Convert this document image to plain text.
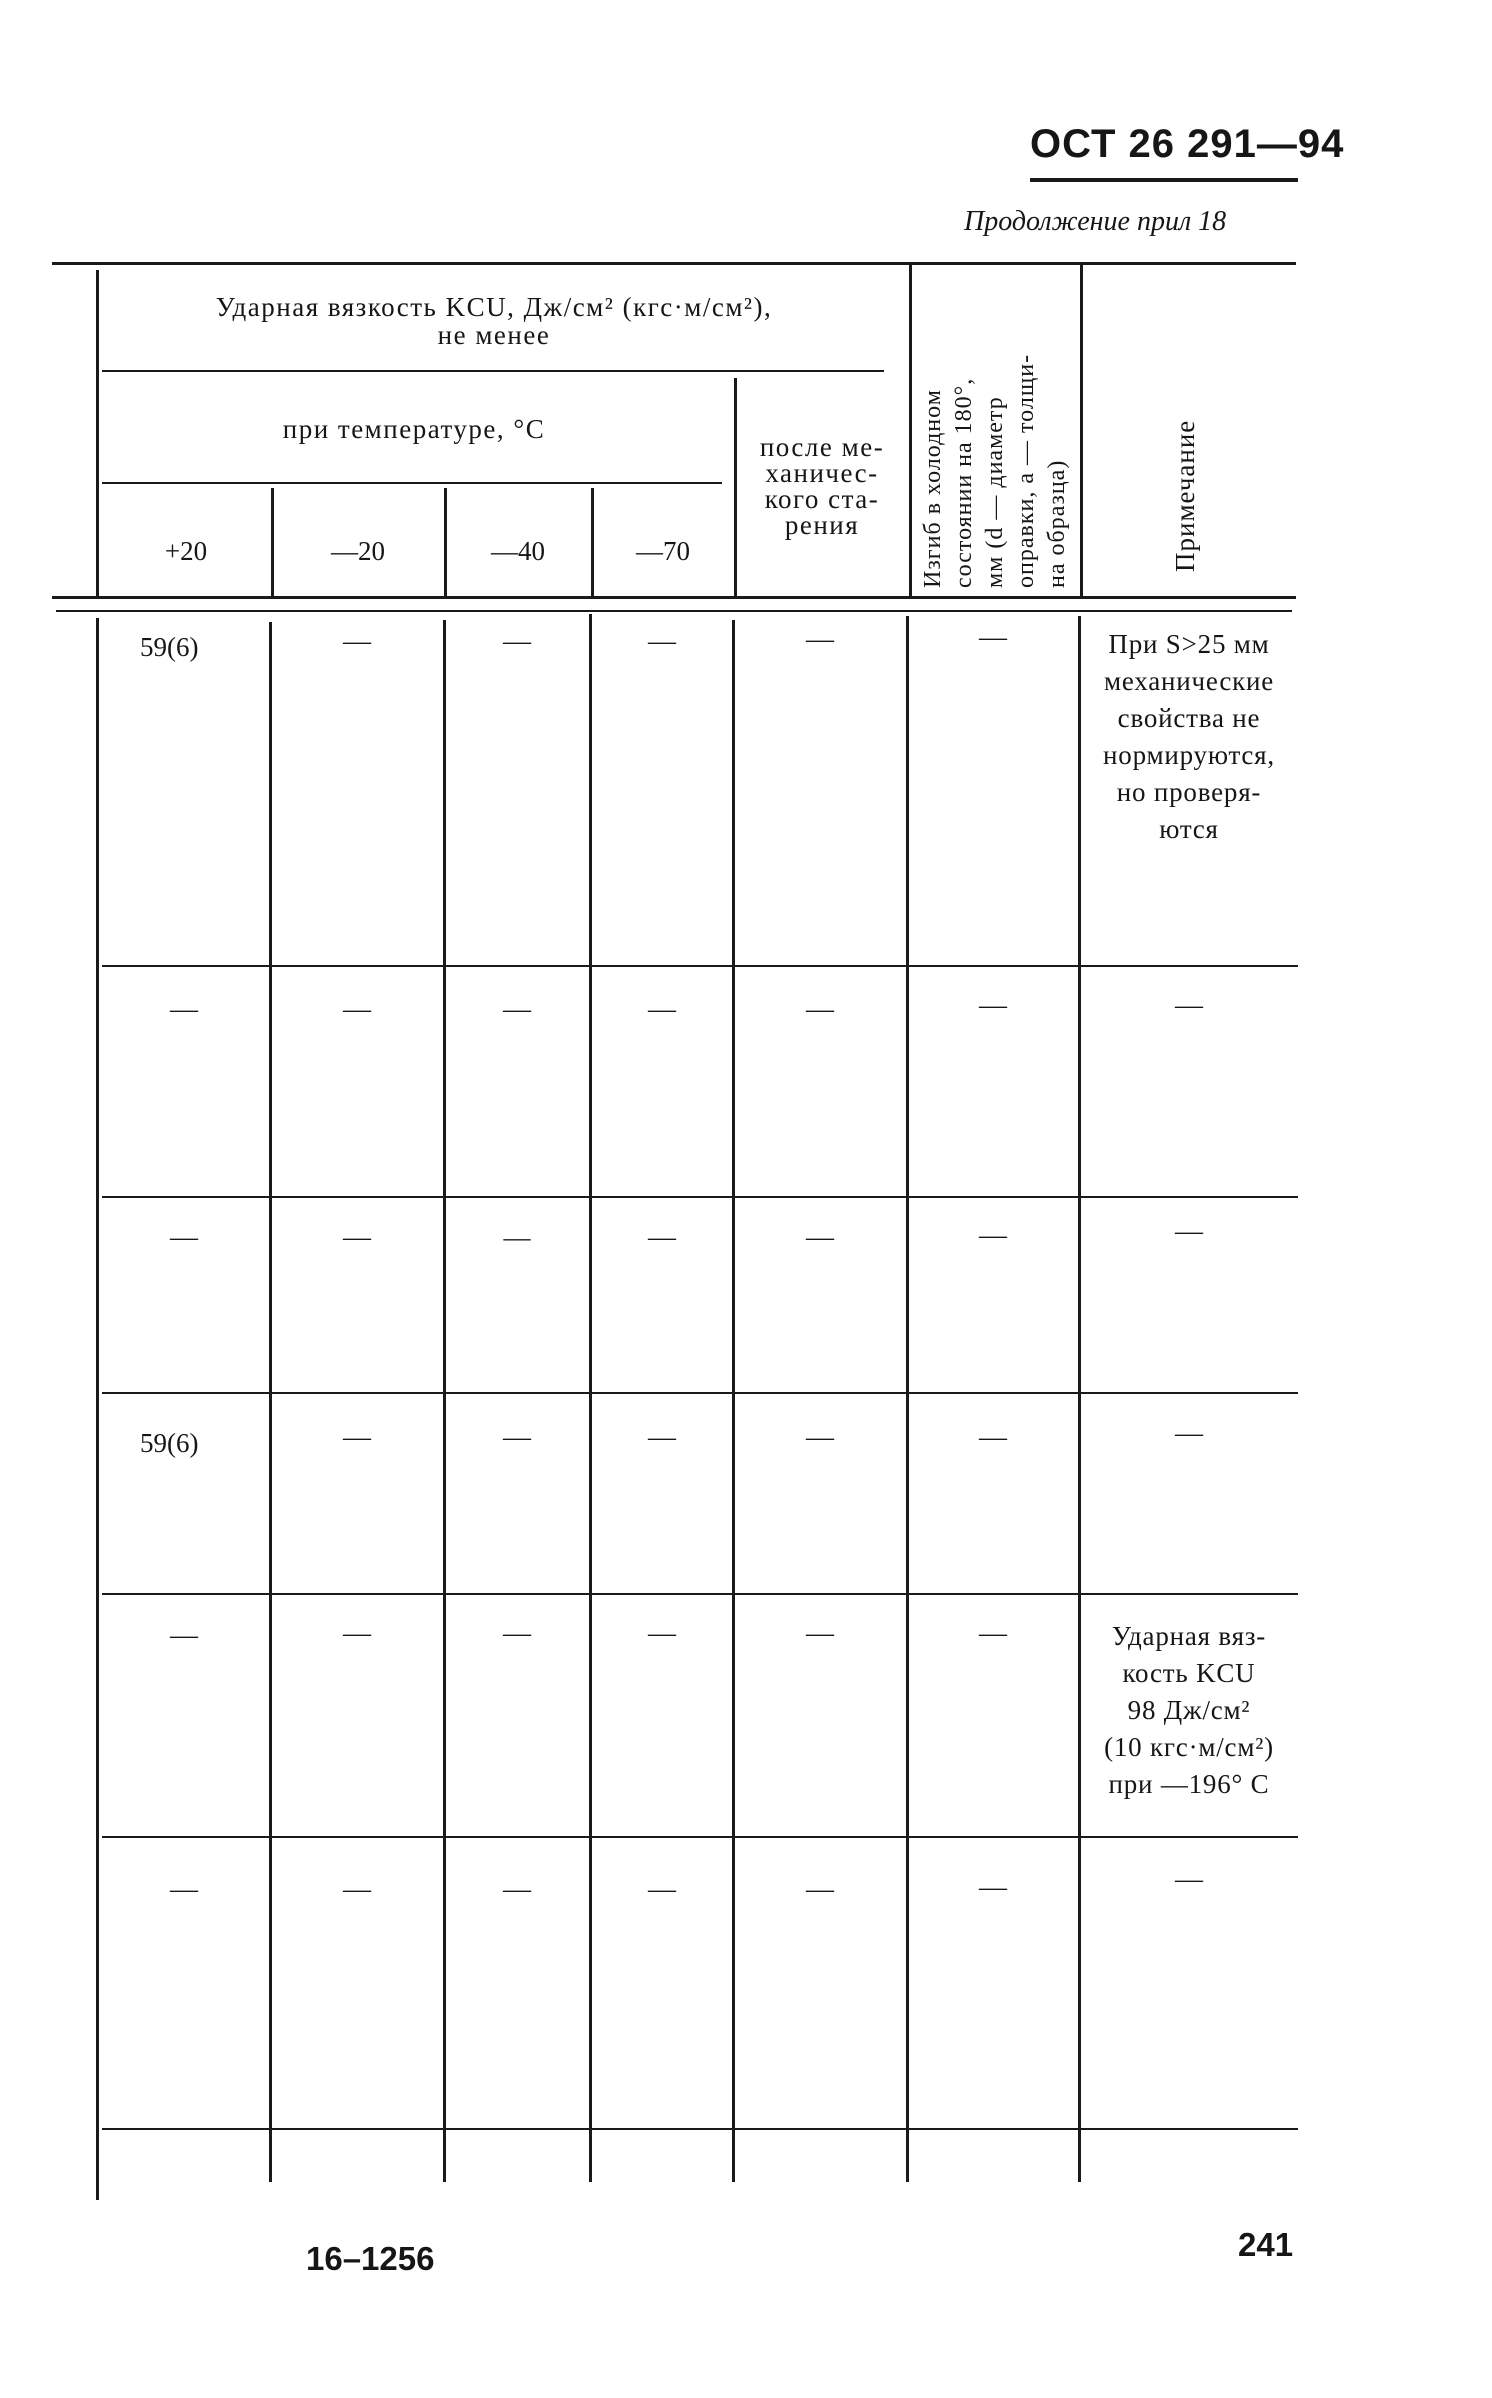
ОСТ 26 291—94
Продолжение прил 18
Ударная вязкость KCU, Дж/см² (кгс·м/см²),
не менее
при температуре, °С
+20	—20	—40	—70
после ме-
ханичес-
кого ста-
рения	Изгиб в холодном состоянии на 180°, мм (d — диаметр оправки, a — толщи- на образца)	Примечание
59(6)	—	—	—	—	—	При S>25 мм
механические
свойства не
нормируются,
но проверя-
ются
—	—	—	—	—	—	—
—	—	—	—	—	—	—
59(6)	—	—	—	—	—	—
—	—	—	—	—	—	Ударная вяз-
кость KCU
98 Дж/см²
(10 кгс·м/см²)
при —196° С
—	—	—	—	—	—	—
16–1256	241
